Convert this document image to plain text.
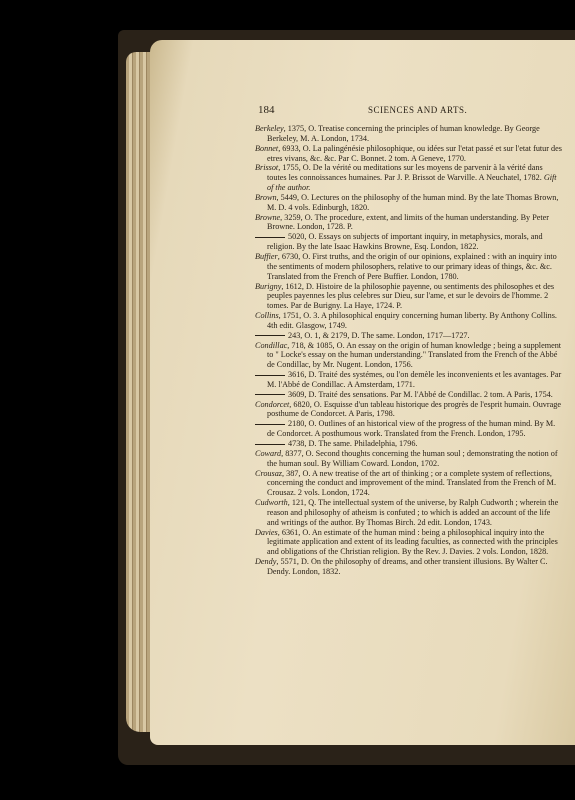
184	SCIENCES AND ARTS.

Berkeley, 1375, O. Treatise concerning the principles of human knowledge. By George Berkeley, M. A. London, 1734.

Bonnet, 6933, O. La palingénésie philosophique, ou idées sur l'etat passé et sur l'etat futur des etres vivans, &c. &c. Par C. Bonnet. 2 tom. A Geneve, 1770.

Brissot, 1755, O. De la vérité ou meditations sur les moyens de parvenir à la vérité dans toutes les connoissances humaines. Par J. P. Brissot de Warville. A Neuchatel, 1782. Gift of the author.

Brown, 5449, O. Lectures on the philosophy of the human mind. By the late Thomas Brown, M. D. 4 vols. Edinburgh, 1820.

Browne, 3259, O. The procedure, extent, and limits of the human understanding. By Peter Browne. London, 1728. P.

5020, O. Essays on subjects of important inquiry, in metaphysics, morals, and religion. By the late Isaac Hawkins Browne, Esq. London, 1822.

Buffier, 6730, O. First truths, and the origin of our opinions, explained : with an inquiry into the sentiments of modern philosophers, relative to our primary ideas of things, &c. &c. Translated from the French of Pere Buffier. London, 1780.

Burigny, 1612, D. Histoire de la philosophie payenne, ou sentiments des philosophes et des peuples payennes les plus celebres sur Dieu, sur l'ame, et sur le devoirs de l'homme. 2 tomes. Par de Burigny. La Haye, 1724. P.

Collins, 1751, O. 3. A philosophical enquiry concerning human liberty. By Anthony Collins. 4th edit. Glasgow, 1749.

243, O. 1, & 2179, D. The same. London, 1717—1727.

Condillac, 718, & 1085, O. An essay on the origin of human knowledge ; being a supplement to " Locke's essay on the human understanding." Translated from the French of the Abbé de Condillac, by Mr. Nugent. London, 1756.

3616, D. Traité des systémes, ou l'on demèle les inconvenients et les avantages. Par M. l'Abbé de Condillac. A Amsterdam, 1771.

3609, D. Traité des sensations. Par M. l'Abbé de Condillac. 2 tom. A Paris, 1754.

Condorcet, 6820, O. Esquisse d'un tableau historique des progrès de l'esprit humain. Ouvrage posthume de Condorcet. A Paris, 1798.

2180, O. Outlines of an historical view of the progress of the human mind. By M. de Condorcet. A posthumous work. Translated from the French. London, 1795.

4738, D. The same. Philadelphia, 1796.

Coward, 8377, O. Second thoughts concerning the human soul ; demonstrating the notion of the human soul. By William Coward. London, 1702.

Crousaz, 387, O. A new treatise of the art of thinking ; or a complete system of reflections, concerning the conduct and improvement of the mind. Translated from the French of M. Crousaz. 2 vols. London, 1724.

Cudworth, 121, Q. The intellectual system of the universe, by Ralph Cudworth ; wherein the reason and philosophy of atheism is confuted ; to which is added an account of the life and writings of the author. By Thomas Birch. 2d edit. London, 1743.

Davies, 6361, O. An estimate of the human mind : being a philosophical inquiry into the legitimate application and extent of its leading faculties, as connected with the principles and obligations of the Christian religion. By the Rev. J. Davies. 2 vols. London, 1828.

Dendy, 5571, D. On the philosophy of dreams, and other transient illusions. By Walter C. Dendy. London, 1832.
